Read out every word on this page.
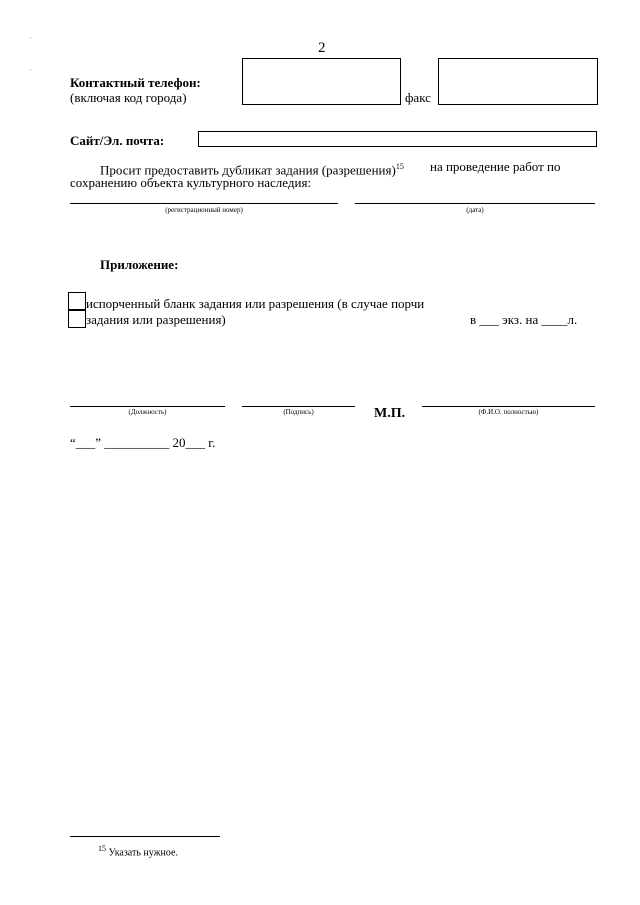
·
·
2
Контактный телефон:
(включая код города)	факс
Сайт/Эл. почта:
Просит предоставить дубликат задания (разрешения)$^{15}$ на проведение работ по
сохранению объекта культурного наследия:
(регистрационный номер)	(дата)
Приложение:
испорченный бланк задания или разрешения (в случае порчи
задания или разрешения)	в ___ экз. на ____л.
(Должность)	(Подпись)	М.П.	(Ф.И.О. полностью)
“___” __________ 20___ г.
$^{15}$ Указать нужное.
